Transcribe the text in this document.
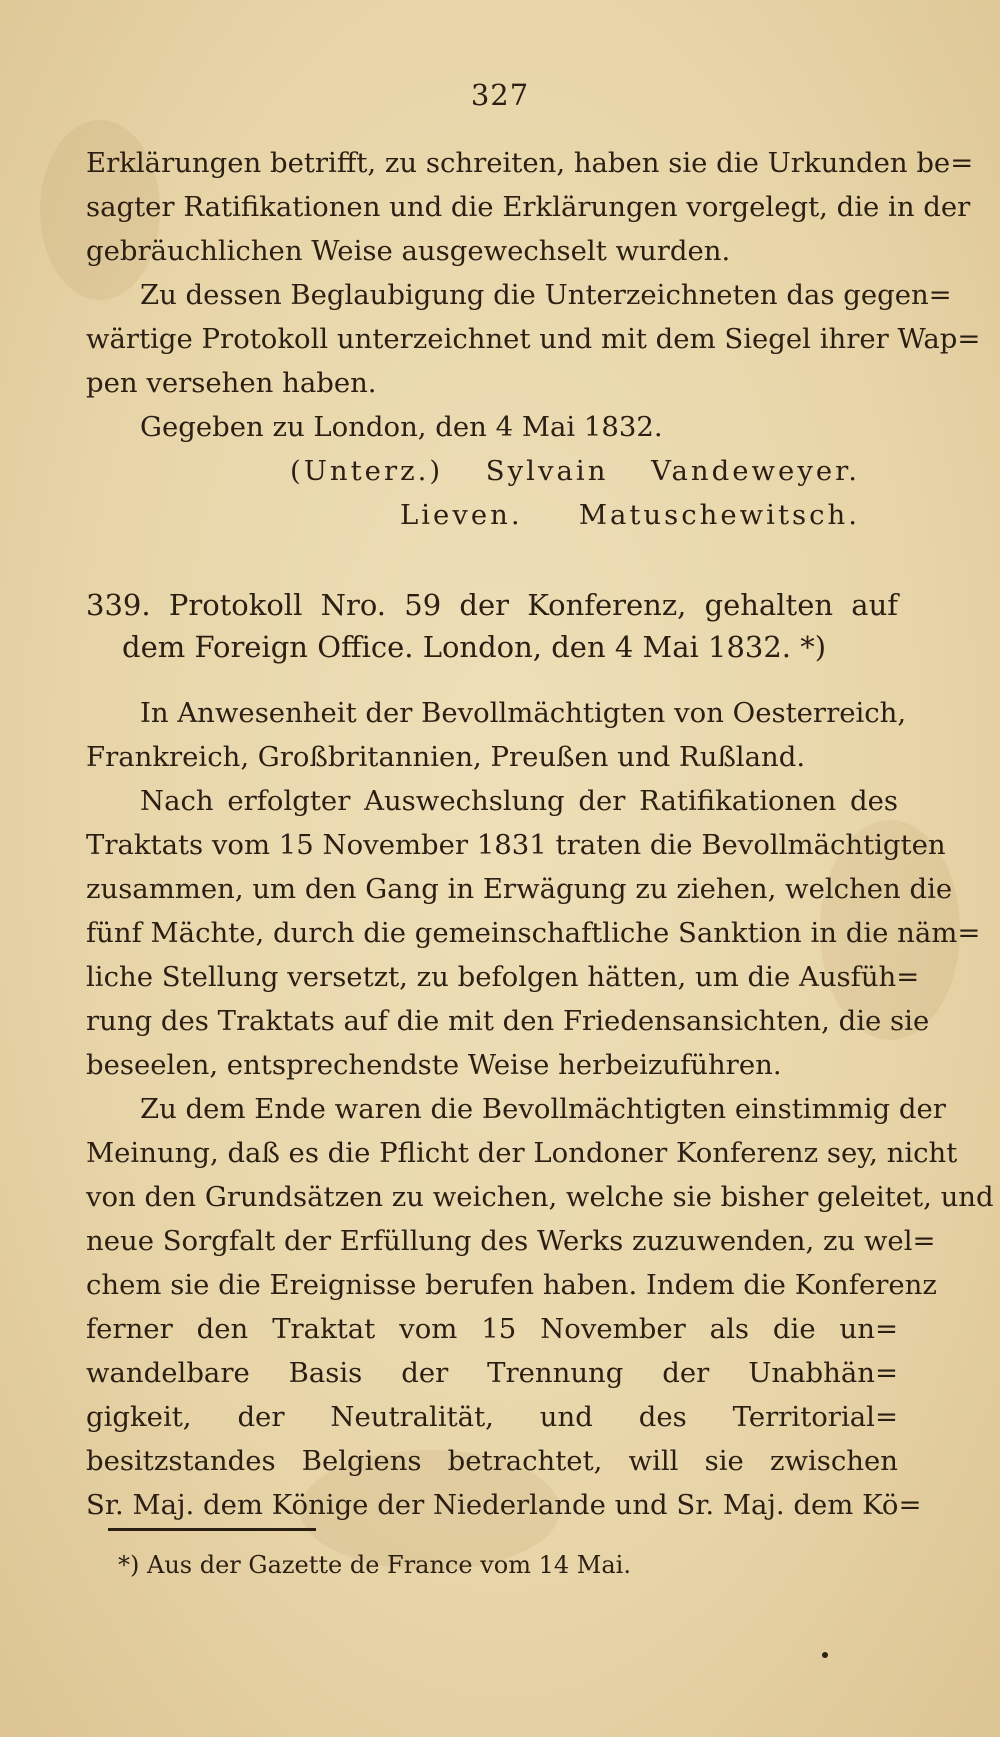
327
Erklärungen betrifft, zu schreiten, haben sie die Urkunden be=
sagter Ratifikationen und die Erklärungen vorgelegt, die in der
gebräuchlichen Weise ausgewechselt wurden.
Zu dessen Beglaubigung die Unterzeichneten das gegen=
wärtige Protokoll unterzeichnet und mit dem Siegel ihrer Wap=
pen versehen haben.
Gegeben zu London, den 4 Mai 1832.
(Unterz.) Sylvain Vandeweyer.
Lieven. Matuschewitsch.
339. Protokoll Nro. 59 der Konferenz, gehalten auf
dem Foreign Office. London, den 4 Mai 1832. *)
In Anwesenheit der Bevollmächtigten von Oesterreich,
Frankreich, Großbritannien, Preußen und Rußland.
Nach erfolgter Auswechslung der Ratifikationen des
Traktats vom 15 November 1831 traten die Bevollmächtigten
zusammen, um den Gang in Erwägung zu ziehen, welchen die
fünf Mächte, durch die gemeinschaftliche Sanktion in die näm=
liche Stellung versetzt, zu befolgen hätten, um die Ausfüh=
rung des Traktats auf die mit den Friedensansichten, die sie
beseelen, entsprechendste Weise herbeizuführen.
Zu dem Ende waren die Bevollmächtigten einstimmig der
Meinung, daß es die Pflicht der Londoner Konferenz sey, nicht
von den Grundsätzen zu weichen, welche sie bisher geleitet, und
neue Sorgfalt der Erfüllung des Werks zuzuwenden, zu wel=
chem sie die Ereignisse berufen haben. Indem die Konferenz
ferner den Traktat vom 15 November als die un=
wandelbare Basis der Trennung der Unabhän=
gigkeit, der Neutralität, und des Territorial=
besitzstandes Belgiens betrachtet, will sie zwischen
Sr. Maj. dem Könige der Niederlande und Sr. Maj. dem Kö=
*) Aus der Gazette de France vom 14 Mai.
